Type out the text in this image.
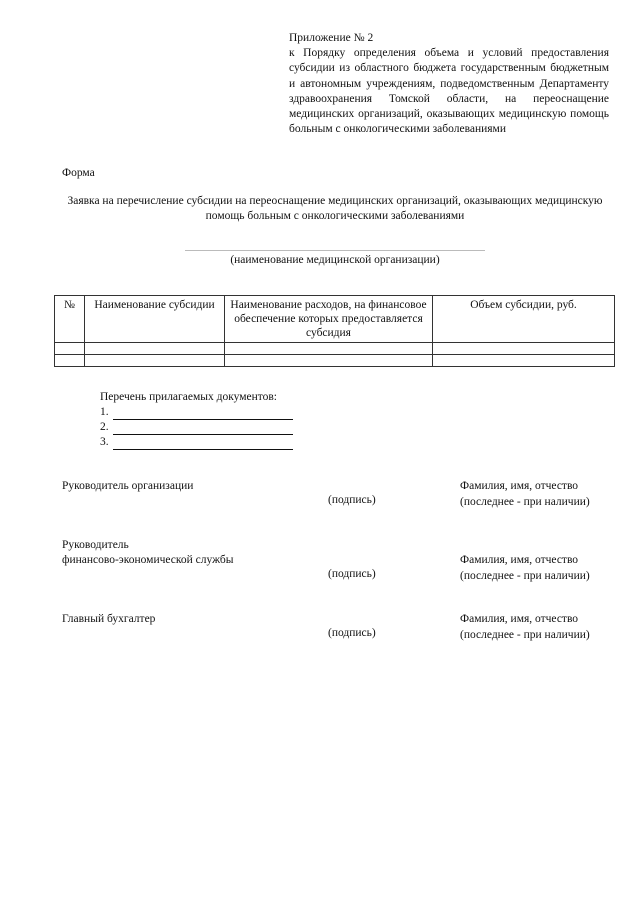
Приложение № 2
к Порядку определения объема и условий предоставления субсидии из областного бюджета государственным бюджетным и автономным учреждениям, подведомственным Департаменту здравоохранения Томской области, на переоснащение медицинских организаций, оказывающих медицинскую помощь больным с онкологическими заболеваниями
Форма
Заявка на перечисление субсидии на переоснащение медицинских организаций, оказывающих медицинскую помощь больным с онкологическими заболеваниями
(наименование медицинской организации)
№	Наименование субсидии	Наименование расходов, на финансовое обеспечение которых предоставляется субсидия	Объем субсидии, руб.

Перечень прилагаемых документов:
1.
2.
3.
Руководитель организации
(подпись)
Фамилия, имя, отчество
(последнее - при наличии)
Руководитель
финансово-экономической службы
(подпись)
Фамилия, имя, отчество
(последнее - при наличии)
Главный бухгалтер
(подпись)
Фамилия, имя, отчество
(последнее - при наличии)
